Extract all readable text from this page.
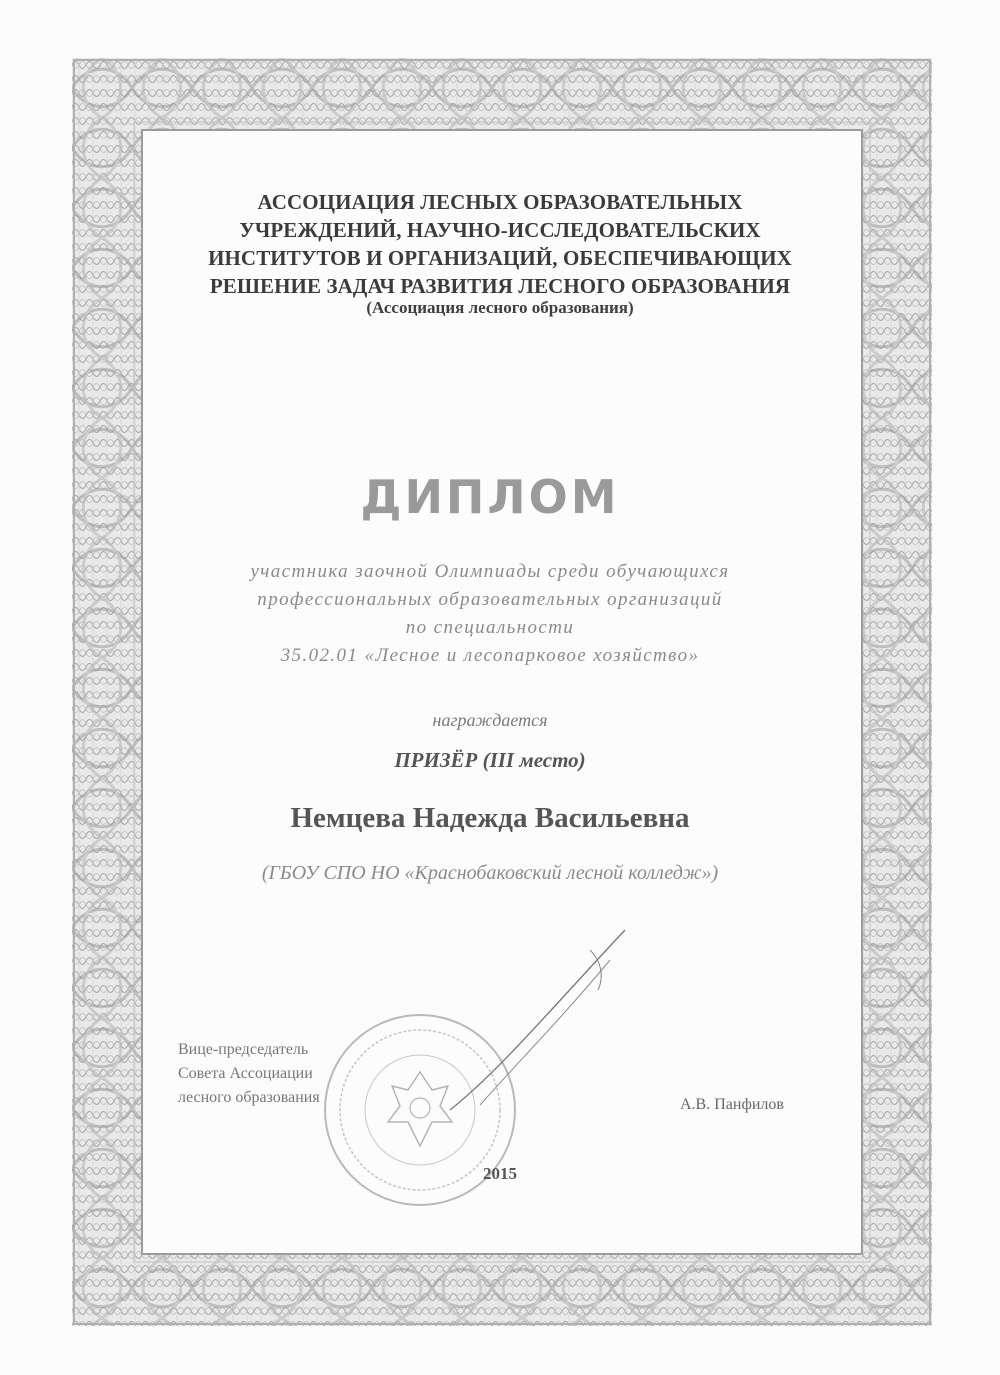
АССОЦИАЦИЯ ЛЕСНЫХ ОБРАЗОВАТЕЛЬНЫХ
УЧРЕЖДЕНИЙ, НАУЧНО-ИССЛЕДОВАТЕЛЬСКИХ
ИНСТИТУТОВ И ОРГАНИЗАЦИЙ, ОБЕСПЕЧИВАЮЩИХ
РЕШЕНИЕ ЗАДАЧ РАЗВИТИЯ ЛЕСНОГО ОБРАЗОВАНИЯ
(Ассоциация лесного образования)
ДИПЛОМ
участника заочной Олимпиады среди обучающихся
профессиональных образовательных организаций
по специальности
35.02.01 «Лесное и лесопарковое хозяйство»
награждается
ПРИЗЁР (III место)
Немцева Надежда Васильевна
(ГБОУ СПО НО «Краснобаковский лесной колледж»)
Вице-председатель
Совета Ассоциации
лесного образования	А.В. Панфилов
2015
